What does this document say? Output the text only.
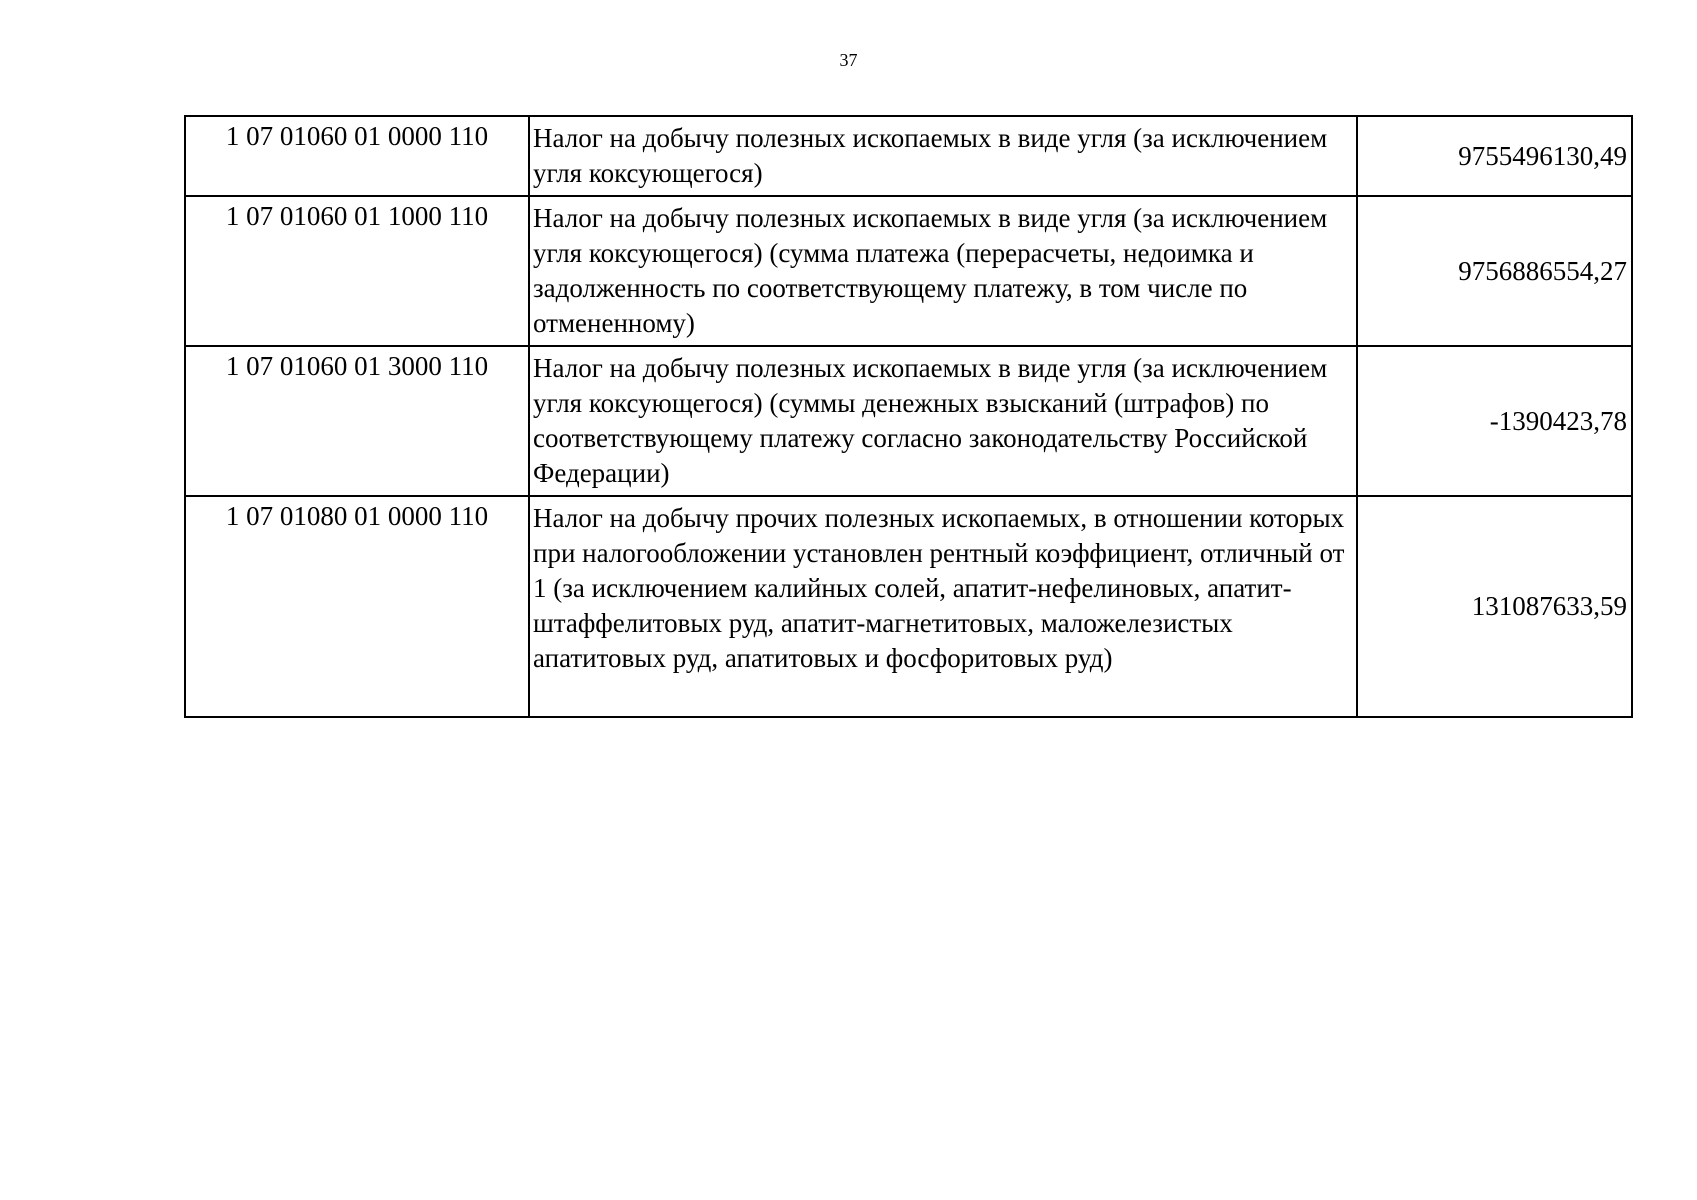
37
1 07 01060 01 0000 110	Налог на добычу полезных ископаемых в виде угля (за исключением угля коксующегося)	9755496130,49
1 07 01060 01 1000 110	Налог на добычу полезных ископаемых в виде угля (за исключением угля коксующегося) (сумма платежа (перерасчеты, недоимка и задолженность по соответствующему платежу, в том числе по отмененному)	9756886554,27
1 07 01060 01 3000 110	Налог на добычу полезных ископаемых в виде угля (за исключением угля коксующегося) (суммы денежных взысканий (штрафов) по соответствующему платежу согласно законодательству Российской Федерации)	-1390423,78
1 07 01080 01 0000 110	Налог на добычу прочих полезных ископаемых, в отношении которых при налогообложении установлен рентный коэффициент, отличный от 1 (за исключением калийных солей, апатит-нефелиновых, апатит-штаффелитовых руд, апатит-магнетитовых, маложелезистых апатитовых руд, апатитовых и фосфоритовых руд)	131087633,59
